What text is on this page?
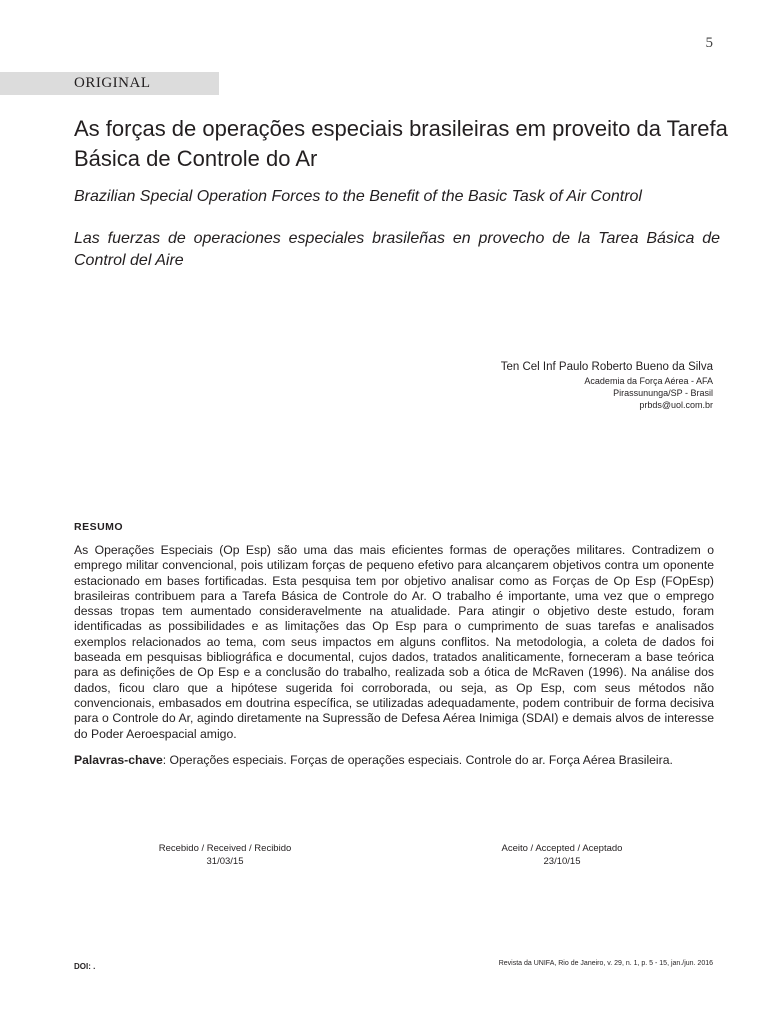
5
ORIGINAL
As forças de operações especiais brasileiras em proveito da Tarefa Básica de Controle do Ar

Brazilian Special Operation Forces to the Benefit of the Basic Task of Air Control

Las fuerzas de operaciones especiales brasileñas en provecho de la Tarea Básica de Control del Aire

Ten Cel Inf Paulo Roberto Bueno da Silva
Academia da Força Aérea - AFA
Pirassununga/SP - Brasil
prbds@uol.com.br
RESUMO

As Operações Especiais (Op Esp) são uma das mais eficientes formas de operações militares. Contradizem o emprego militar convencional, pois utilizam forças de pequeno efetivo para alcançarem objetivos contra um oponente estacionado em bases fortificadas. Esta pesquisa tem por objetivo analisar como as Forças de Op Esp (FOpEsp) brasileiras contribuem para a Tarefa Básica de Controle do Ar. O trabalho é importante, uma vez que o emprego dessas tropas tem aumentado consideravelmente na atualidade. Para atingir o objetivo deste estudo, foram identificadas as possibilidades e as limitações das Op Esp para o cumprimento de suas tarefas e analisados exemplos relacionados ao tema, com seus impactos em alguns conflitos. Na metodologia, a coleta de dados foi baseada em pesquisas bibliográfica e documental, cujos dados, tratados analiticamente, forneceram a base teórica para as definições de Op Esp e a conclusão do trabalho, realizada sob a ótica de McRaven (1996). Na análise dos dados, ficou claro que a hipótese sugerida foi corroborada, ou seja, as Op Esp, com seus métodos não convencionais, embasados em doutrina específica, se utilizadas adequadamente, podem contribuir de forma decisiva para o Controle do Ar, agindo diretamente na Supressão de Defesa Aérea Inimiga (SDAI) e demais alvos de interesse do Poder Aeroespacial amigo.

Palavras-chave: Operações especiais. Forças de operações especiais. Controle do ar. Força Aérea Brasileira.

Recebido / Received / Recibido
31/03/15
Aceito / Accepted / Aceptado
23/10/15
DOI: .	Revista da UNIFA, Rio de Janeiro, v. 29, n. 1, p. 5 - 15, jan./jun. 2016
